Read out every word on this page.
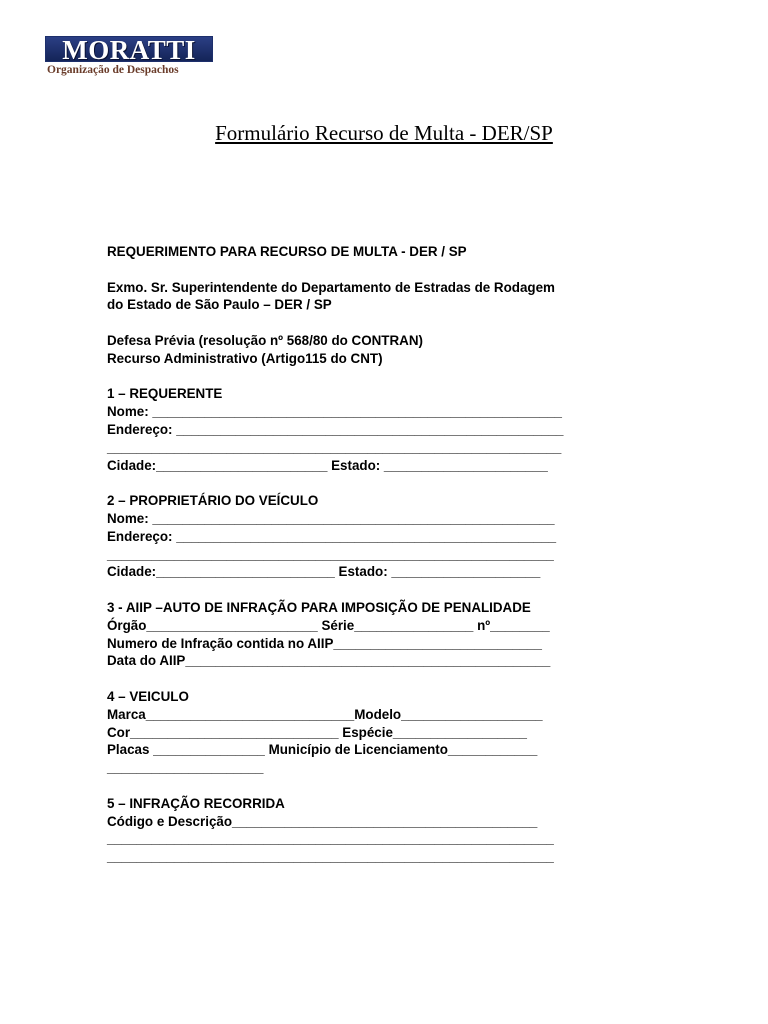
MORATTI
Organização de Despachos
Formulário Recurso de Multa - DER/SP
REQUERIMENTO PARA RECURSO DE MULTA - DER / SP
Exmo. Sr. Superintendente do Departamento de Estradas de Rodagem
do Estado de São Paulo – DER / SP
Defesa Prévia (resolução nº 568/80 do CONTRAN)
Recurso Administrativo (Artigo115 do CNT)
1 – REQUERENTE
Nome: _______________________________________________________
Endereço: ____________________________________________________
_____________________________________________________________
Cidade:_______________________ Estado: ______________________
2 – PROPRIETÁRIO DO VEÍCULO
Nome: ______________________________________________________
Endereço: ___________________________________________________
____________________________________________________________
Cidade:________________________ Estado: ____________________
3 - AIIP –AUTO DE INFRAÇÃO PARA IMPOSIÇÃO DE PENALIDADE
Órgão_______________________ Série________________ nº________
Numero de Infração contida no AIIP____________________________
Data do AIIP_________________________________________________
4 – VEICULO
Marca____________________________Modelo___________________
Cor____________________________ Espécie__________________
Placas _______________ Município de Licenciamento____________
_____________________
5 – INFRAÇÃO RECORRIDA
Código e Descrição_________________________________________
____________________________________________________________
____________________________________________________________
